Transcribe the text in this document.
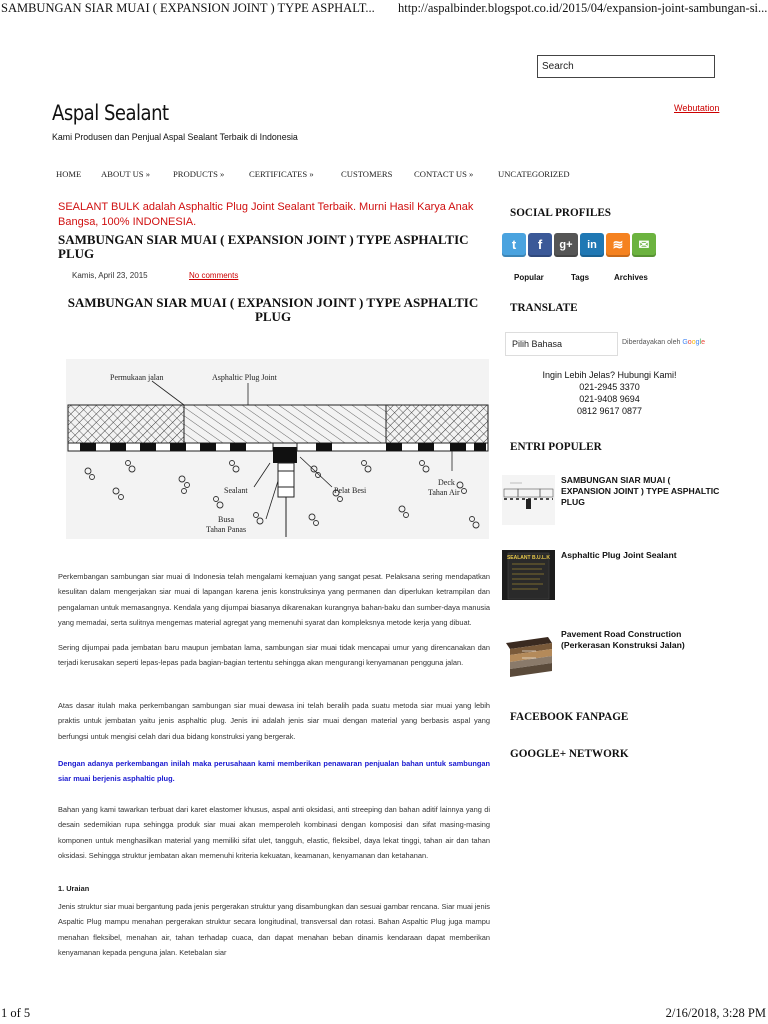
SAMBUNGAN SIAR MUAI ( EXPANSION JOINT ) TYPE ASPHALT... http://aspalbinder.blogspot.co.id/2015/04/expansion-joint-sambungan-si...
Search
Aspal Sealant
Kami Produsen dan Penjual Aspal Sealant Terbaik di Indonesia
Webutation
HOME ABOUT US »	PRODUCTS »	CERTIFICATES »	CUSTOMERS	CONTACT US »	UNCATEGORIZED
SEALANT BULK adalah Asphaltic Plug Joint Sealant Terbaik. Murni Hasil Karya Anak Bangsa, 100% INDONESIA.
SAMBUNGAN SIAR MUAI ( EXPANSION JOINT ) TYPE ASPHALTIC PLUG
Kamis, April 23, 2015	No comments
SAMBUNGAN SIAR MUAI ( EXPANSION JOINT ) TYPE ASPHALTIC PLUG
Permukaan jalan	Asphaltic Plug Joint
Sealant	Pelat Besi
Deck
Tahan Air
Busa
Tahan Panas
Perkembangan sambungan siar muai di Indonesia telah mengalami kemajuan yang sangat pesat. Pelaksana sering mendapatkan kesulitan dalam mengerjakan siar muai di lapangan karena jenis konstruksinya yang permanen dan diperlukan ketrampilan dan pengalaman untuk memasangnya. Kendala yang dijumpai biasanya dikarenakan kurangnya bahan-baku dan sumber-daya manusia yang memadai, serta sulitnya mengemas material agregat yang memenuhi syarat dan kompleksnya metode kerja yang dibuat.
Sering dijumpai pada jembatan baru maupun jembatan lama, sambungan siar muai tidak mencapai umur yang direncanakan dan terjadi kerusakan seperti lepas-lepas pada bagian-bagian tertentu sehingga akan mengurangi kenyamanan pengguna jalan.
Atas dasar itulah maka perkembangan sambungan siar muai dewasa ini telah beralih pada suatu metoda siar muai yang lebih praktis untuk jembatan yaitu jenis asphaltic plug. Jenis ini adalah jenis siar muai dengan material yang berbasis aspal yang berfungsi untuk mengisi celah dari dua bidang konstruksi yang bergerak.
Dengan adanya perkembangan inilah maka perusahaan kami memberikan penawaran penjualan bahan untuk sambungan siar muai berjenis asphaltic plug.
Bahan yang kami tawarkan terbuat dari karet elastomer khusus, aspal anti oksidasi, anti streeping dan bahan aditif lainnya yang di desain sedemikian rupa sehingga produk siar muai akan memperoleh kombinasi dengan komposisi dan sifat masing-masing komponen untuk menghasilkan material yang memiliki sifat ulet, tangguh, elastic, fleksibel, daya lekat tinggi, tahan air dan tahan oksidasi. Sehingga struktur jembatan akan memenuhi kriteria kekuatan, keamanan, kenyamanan dan ketahanan.
1. Uraian
Jenis struktur siar muai bergantung pada jenis pergerakan struktur yang disambungkan dan sesuai gambar rencana. Siar muai jenis Aspaltic Plug mampu menahan pergerakan struktur secara longitudinal, transversal dan rotasi. Bahan Aspaltic Plug juga mampu menahan fleksibel, menahan air, tahan terhadap cuaca, dan dapat menahan beban dinamis kendaraan dapat memberikan kenyamanan kepada penguna jalan. Ketebalan siar
SOCIAL PROFILES
t	f	g+	in	≋	✉
Popular	Tags	Archives
TRANSLATE
Pilih Bahasa	Diberdayakan oleh Google
Ingin Lebih Jelas? Hubungi Kami!
021-2945 3370
021-9408 9694
0812 9617 0877
ENTRI POPULER
SAMBUNGAN SIAR MUAI ( EXPANSION JOINT ) TYPE ASPHALTIC PLUG
SEALANT B.U.L.K Asphaltic Plug Joint Sealant
Pavement Road Construction (Perkerasan Konstruksi Jalan)
FACEBOOK FANPAGE
GOOGLE+ NETWORK
1 of 5	2/16/2018, 3:28 PM
